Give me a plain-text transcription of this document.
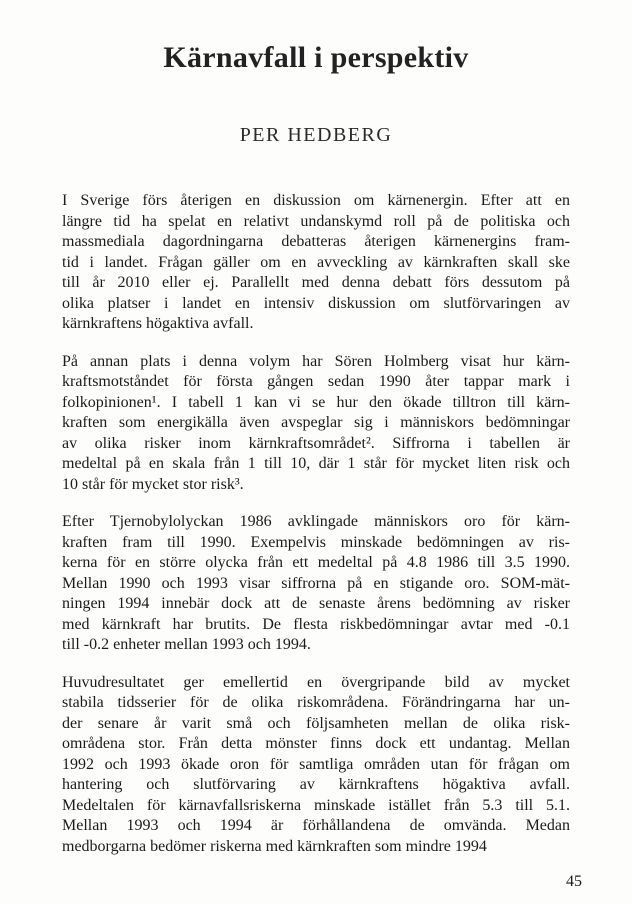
Kärnavfall i perspektiv
PER HEDBERG
I Sverige förs återigen en diskussion om kärnenergin. Efter att en
längre tid ha spelat en relativt undanskymd roll på de politiska och
massmediala dagordningarna debatteras återigen kärnenergins fram-
tid i landet. Frågan gäller om en avveckling av kärnkraften skall ske
till år 2010 eller ej. Parallellt med denna debatt förs dessutom på
olika platser i landet en intensiv diskussion om slutförvaringen av
kärnkraftens högaktiva avfall.
På annan plats i denna volym har Sören Holmberg visat hur kärn-
kraftsmotståndet för första gången sedan 1990 åter tappar mark i
folkopinionen¹. I tabell 1 kan vi se hur den ökade tilltron till kärn-
kraften som energikälla även avspeglar sig i människors bedömningar
av olika risker inom kärnkraftsområdet². Siffrorna i tabellen är
medeltal på en skala från 1 till 10, där 1 står för mycket liten risk och
10 står för mycket stor risk³.
Efter Tjernobylolyckan 1986 avklingade människors oro för kärn-
kraften fram till 1990. Exempelvis minskade bedömningen av ris-
kerna för en större olycka från ett medeltal på 4.8 1986 till 3.5 1990.
Mellan 1990 och 1993 visar siffrorna på en stigande oro. SOM-mät-
ningen 1994 innebär dock att de senaste årens bedömning av risker
med kärnkraft har brutits. De flesta riskbedömningar avtar med -0.1
till -0.2 enheter mellan 1993 och 1994.
Huvudresultatet ger emellertid en övergripande bild av mycket
stabila tidsserier för de olika riskområdena. Förändringarna har un-
der senare år varit små och följsamheten mellan de olika risk-
områdena stor. Från detta mönster finns dock ett undantag. Mellan
1992 och 1993 ökade oron för samtliga områden utan för frågan om
hantering och slutförvaring av kärnkraftens högaktiva avfall.
Medeltalen för kärnavfallsriskerna minskade istället från 5.3 till 5.1.
Mellan 1993 och 1994 är förhållandena de omvända. Medan
medborgarna bedömer riskerna med kärnkraften som mindre 1994
45
